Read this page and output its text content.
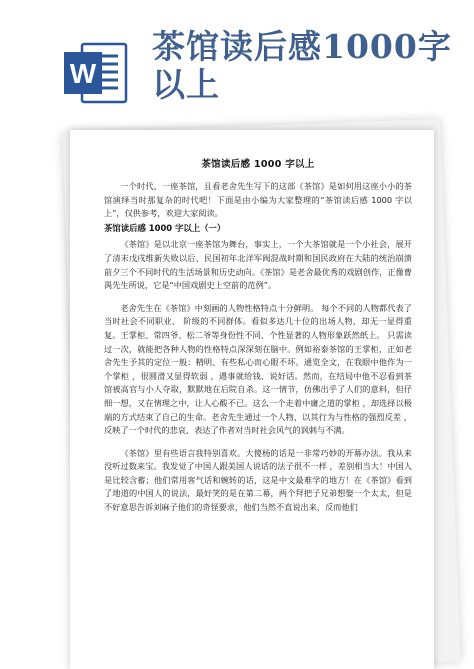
W
茶馆读后感1000字以上
茶馆读后感 1000 字以上

一个时代，一座茶馆，且看老舍先生写下的这部《茶馆》是如何用这座小小的茶馆演绎当时那复杂的时代吧！下面是由小编为大家整理的“茶馆读后感 1000 字以上”，仅供参考，欢迎大家阅读。

茶馆读后感 1000 字以上（一）

《茶馆》是以北京一座茶馆为舞台，事实上，一个大茶馆就是一个小社会，展开了清末戊戌维新失败以后、民国初年北洋军阀混战时期和国民政府在大陆的统治崩溃前夕三个不同时代的生活场景和历史动向。《茶馆》是老舍最优秀的戏剧创作，正像曹禺先生所说，它是“中国戏剧史上空前的范例”。

老舍先生在《茶馆》中刻画的人物性格特点十分鲜明。 每个不同的人物都代表了当时社会不同职业、 阶级的不同群体。看似多达几十位的出场人物，却无一显得重复。王掌柜、常四爷、松二爷等身份性不同、个性显著的人物形象跃然纸上。 只需读过一次，就能把各种人物的性格特点深深刻在脑中。例如裕泰茶馆的王掌柜，正如老舍先生予其的定位一般：精明、有些私心而心眼不坏。通览全文，在我眼中他作为一个掌柜 ，很圆滑又显得软弱 ，遇事就给钱、说好话。然而，在结局中他不忍看到茶馆被高官与小人夺取，默默地在后院自杀。这一情节，仿佛出乎了人们的意料，但仔细一想，又在情理之中，让人心酸不已。这么一个走着中庸之道的掌柜 ，却选择以极端的方式结束了自己的生命。老舍先生通过一个人物，以其行为与性格的强烈反差 ，反映了一个时代的悲哀，表达了作者对当时社会风气的讽刺与不满。

《茶馆》里有些语言我特别喜欢。大傻杨的话是一非常巧妙的开幕办法。我从来没听过数来宝。我发觉了中国人跟美国人说话的法子很不一样 ，差别相当大！中国人是比较含蓄；他们常用客气话和婉转的话，这是中文最难学的地方！在《茶馆》看到了地道的中国人的说法，最好笑的是在第二幕，两个拜把子兄弟想娶一个太太，但是不好意思告诉刘麻子他们的奇怪要求，他们当然不直说出来，反而他们
